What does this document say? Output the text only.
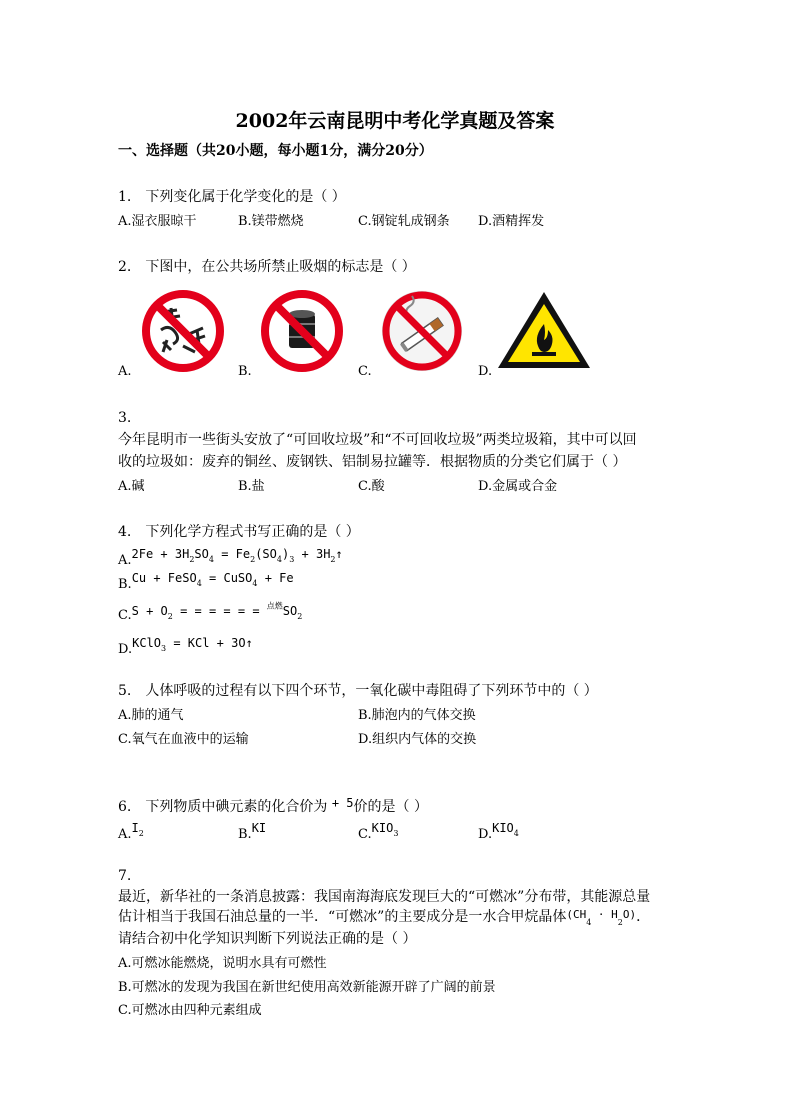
2002年云南昆明中考化学真题及答案
一、选择题（共20小题，每小题1分，满分20分）
1.　下列变化属于化学变化的是（ ）
A.湿衣服晾干	B.镁带燃烧	C.钢锭轧成钢条 D.酒精挥发
2.　下图中，在公共场所禁止吸烟的标志是（ ）
A.	B.	C.	D.
3.
今年昆明市一些街头安放了“可回收垃圾”和“不可回收垃圾”两类垃圾箱，其中可以回
收的垃圾如：废弃的铜丝、废钢铁、铝制易拉罐等．根据物质的分类它们属于（ ）
A.碱	B.盐	C.酸	D.金属或合金
4.　下列化学方程式书写正确的是（ ）
$_{A.}2Fe + 3H_2SO_4 = Fe_2(SO_4)_3$ + $3H_2↑$
$_{B.}$Cu + FeSO$_4$ = CuSO$_4$ + Fe
$_{C.}S + O_2$ = = = = = = $^{点燃}SO_2$
$_{D.}$KClO$_3$ = KCl + 3O↑
5.　人体呼吸的过程有以下四个环节，一氧化碳中毒阻碍了下列环节中的（ ）
A.肺的通气	B.肺泡内的气体交换
C.氧气在血液中的运输	D.组织内气体的交换
6.　下列物质中碘元素的化合价为 + 5价的是（ ）
$_{A.}I_2$	$_{B.}$KI	$_{C.}KIO_3$	$_{D.}KIO_4$
7.
最近，新华社的一条消息披露：我国南海海底发现巨大的“可燃冰”分布带，其能源总量
估计相当于我国石油总量的一半．“可燃冰”的主要成分是一水合甲烷晶体$^{(CH}_4$ $^{\cdot H}_2^{O)}$．
请结合初中化学知识判断下列说法正确的是（ ）
A.可燃冰能燃烧，说明水具有可燃性
B.可燃冰的发现为我国在新世纪使用高效新能源开辟了广阔的前景
C.可燃冰由四种元素组成
